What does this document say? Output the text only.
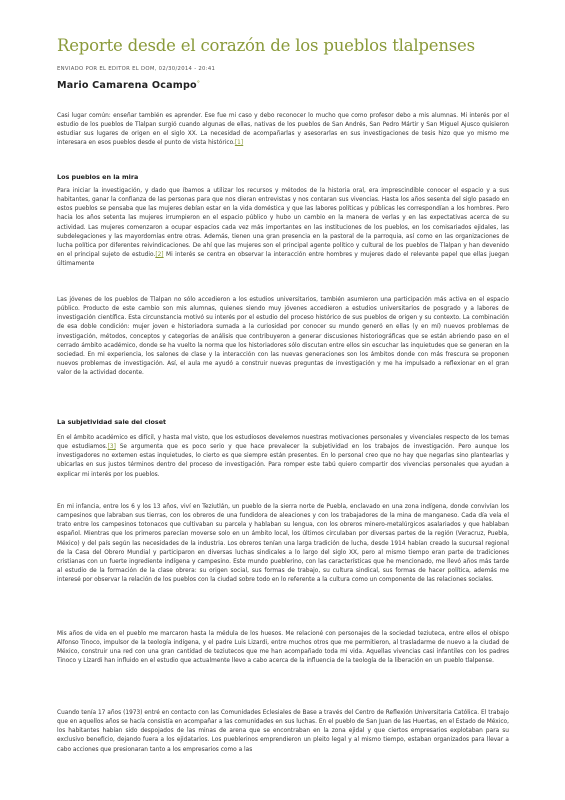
Reporte desde el corazón de los pueblos tlalpenses
ENVIADO POR EL EDITOR EL DOM, 02/30/2014 - 20:41
Mario Camarena Ocampo°

Casi lugar común: enseñar también es aprender. Ese fue mi caso y debo reconocer lo mucho que como profesor debo a mis alumnas. Mi interés por el estudio de los pueblos de Tlalpan surgió cuando algunas de ellas, nativas de los pueblos de San Andrés, San Pedro Mártir y San Miguel Ajusco quisieron estudiar sus lugares de origen en el siglo XX. La necesidad de acompañarlas y asesorarlas en sus investigaciones de tesis hizo que yo mismo me interesara en esos pueblos desde el punto de vista histórico.[1]

Los pueblos en la mira

Para iniciar la investigación, y dado que íbamos a utilizar los recursos y métodos de la historia oral, era imprescindible conocer el espacio y a sus habitantes, ganar la confianza de las personas para que nos dieran entrevistas y nos contaran sus vivencias. Hasta los años sesenta del siglo pasado en estos pueblos se pensaba que las mujeres debían estar en la vida doméstica y que las labores políticas y públicas les correspondían a los hombres. Pero hacia los años setenta las mujeres irrumpieron en el espacio público y hubo un cambio en la manera de verlas y en las expectativas acerca de su actividad. Las mujeres comenzaron a ocupar espacios cada vez más importantes en las instituciones de los pueblos, en los comisariados ejidales, las subdelegaciones y las mayordomías entre otras. Además, tienen una gran presencia en la pastoral de la parroquia, así como en las organizaciones de lucha política por diferentes reivindicaciones. De ahí que las mujeres son el principal agente político y cultural de los pueblos de Tlalpan y han devenido en el principal sujeto de estudio.[2] Mi interés se centra en observar la interacción entre hombres y mujeres dado el relevante papel que ellas juegan últimamente

Las jóvenes de los pueblos de Tlalpan no sólo accedieron a los estudios universitarios, también asumieron una participación más activa en el espacio público. Producto de este cambio son mis alumnas, quienes siendo muy jóvenes accedieron a estudios universitarios de posgrado y a labores de investigación científica. Esta circunstancia motivó su interés por el estudio del proceso histórico de sus pueblos de origen y su contexto. La combinación de esa doble condición: mujer joven e historiadora sumada a la curiosidad por conocer su mundo generó en ellas (y en mí) nuevos problemas de investigación, métodos, conceptos y categorías de análisis que contribuyeron a generar discusiones historiográficas que se están abriendo paso en el cerrado ámbito académico, donde se ha vuelto la norma que los historiadores sólo discutan entre ellos sin escuchar las inquietudes que se generan en la sociedad. En mi experiencia, los salones de clase y la interacción con las nuevas generaciones son los ámbitos donde con más frescura se proponen nuevos problemas de investigación. Así, el aula me ayudó a construir nuevas preguntas de investigación y me ha impulsado a reflexionar en el gran valor de la actividad docente.

La subjetividad sale del closet

En el ámbito académico es difícil, y hasta mal visto, que los estudiosos develemos nuestras motivaciones personales y vivenciales respecto de los temas que estudiamos.[3] Se argumenta que es poco serio y que hace prevalecer la subjetividad en los trabajos de investigación. Pero aunque los investigadores no extemen estas inquietudes, lo cierto es que siempre están presentes. En lo personal creo que no hay que negarlas sino plantearlas y ubicarlas en sus justos términos dentro del proceso de investigación. Para romper este tabú quiero compartir dos vivencias personales que ayudan a explicar mi interés por los pueblos.

En mi infancia, entre los 6 y los 13 años, viví en Teziutlán, un pueblo de la sierra norte de Puebla, enclavado en una zona indígena, donde convivían los campesinos que labraban sus tierras, con los obreros de una fundidora de aleaciones y con los trabajadores de la mina de manganeso. Cada día veía el trato entre los campesinos totonacos que cultivaban su parcela y hablaban su lengua, con los obreros minero-metalúrgicos asalariados y que hablaban español. Mientras que los primeros parecían moverse solo en un ámbito local, los últimos circulaban por diversas partes de la región (Veracruz, Puebla, México) y del país según las necesidades de la industria. Los obreros tenían una larga tradición de lucha, desde 1914 habían creado la sucursal regional de la Casa del Obrero Mundial y participaron en diversas luchas sindicales a lo largo del siglo XX, pero al mismo tiempo eran parte de tradiciones cristianas con un fuerte ingrediente indígena y campesino. Este mundo pueblerino, con las características que he mencionado, me llevó años más tarde al estudio de la formación de la clase obrera: su origen social, sus formas de trabajo, su cultura sindical, sus formas de hacer política, además me interesé por observar la relación de los pueblos con la ciudad sobre todo en lo referente a la cultura como un componente de las relaciones sociales.

Mis años de vida en el pueblo me marcaron hasta la médula de los huesos. Me relacioné con personajes de la sociedad teziuteca, entre ellos el obispo Alfonso Tinoco, impulsor de la teología indígena, y el padre Luis Lizardi, entre muchos otros que me permitieron, al trasladarme de nuevo a la ciudad de México, construir una red con una gran cantidad de teziutecos que me han acompañado toda mi vida. Aquellas vivencias casi infantiles con los padres Tinoco y Lizardi han influido en el estudio que actualmente llevo a cabo acerca de la influencia de la teología de la liberación en un pueblo tlalpense.

Cuando tenía 17 años (1973) entré en contacto con las Comunidades Eclesiales de Base a través del Centro de Reflexión Universitaria Católica. El trabajo que en aquellos años se hacía consistía en acompañar a las comunidades en sus luchas. En el pueblo de San Juan de las Huertas, en el Estado de México, los habitantes habían sido despojados de las minas de arena que se encontraban en la zona ejidal y que ciertos empresarios explotaban para su exclusivo beneficio, dejando fuera a los ejidatarios. Los pueblerinos emprendieron un pleito legal y al mismo tiempo, estaban organizados para llevar a cabo acciones que presionaran tanto a los empresarios como a las
